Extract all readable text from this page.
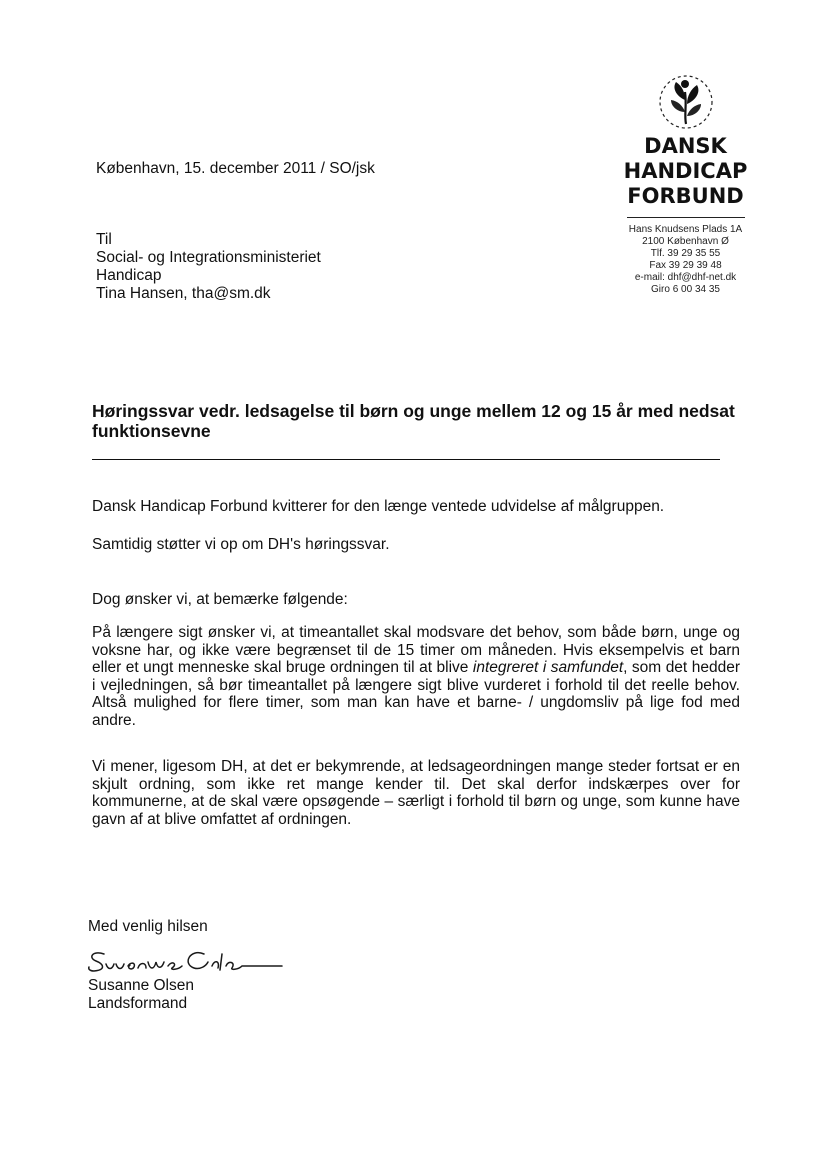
DANSK
HANDICAP
FORBUND
Hans Knudsens Plads 1A
2100 København Ø
Tlf. 39 29 35 55
Fax 39 29 39 48
e-mail: dhf@dhf-net.dk
Giro 6 00 34 35
København, 15. december 2011 / SO/jsk
Til
Social- og Integrationsministeriet
Handicap
Tina Hansen, tha@sm.dk
Høringssvar vedr. ledsagelse til børn og unge mellem 12 og 15 år med nedsat funktionsevne
Dansk Handicap Forbund kvitterer for den længe ventede udvidelse af målgruppen.
Samtidig støtter vi op om DH's høringssvar.
Dog ønsker vi, at bemærke følgende:
På længere sigt ønsker vi, at timeantallet skal modsvare det behov, som både børn, unge og voksne har, og ikke være begrænset til de 15 timer om måneden. Hvis eksempelvis et barn eller et ungt menneske skal bruge ordningen til at blive integreret i samfundet, som det hedder i vejledningen, så bør timeantallet på længere sigt blive vurderet i forhold til det reelle behov. Altså mulighed for flere timer, som man kan have et barne- / ungdomsliv på lige fod med andre.
Vi mener, ligesom DH, at det er bekymrende, at ledsageordningen mange steder fortsat er en skjult ordning, som ikke ret mange kender til. Det skal derfor indskærpes over for kommunerne, at de skal være opsøgende – særligt i forhold til børn og unge, som kunne have gavn af at blive omfattet af ordningen.
Med venlig hilsen
Susanne Olsen
Landsformand
